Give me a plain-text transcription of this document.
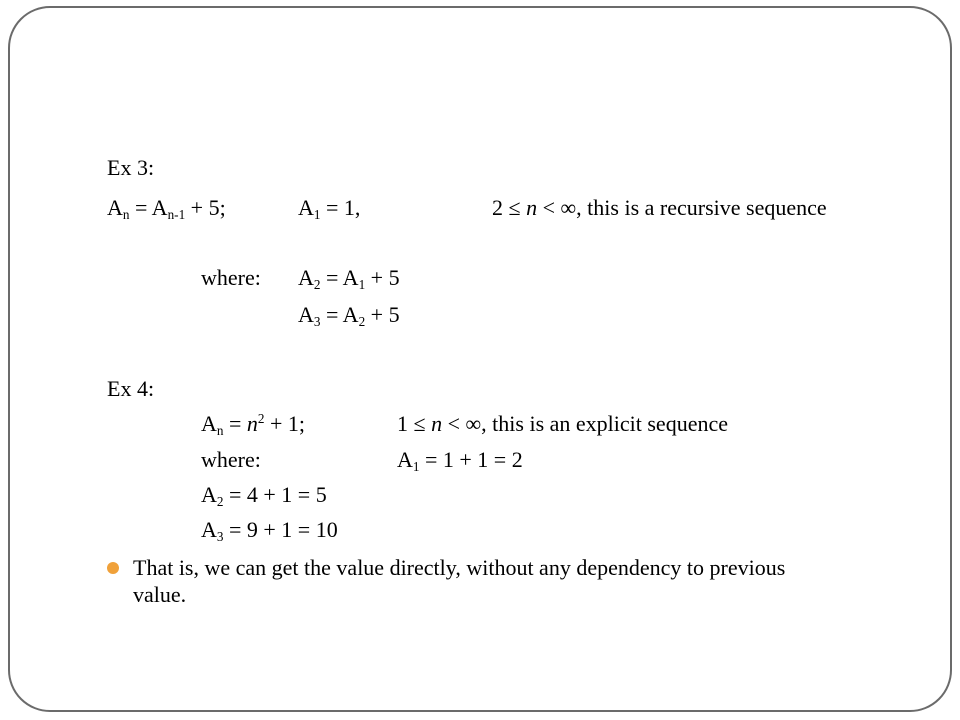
Ex 3:
$A_n = A_{n-1} + 5$;	$A_1 = 1$,	2 ≤ n < ∞, this is a recursive sequence
where: $A_2 = A_1 + 5$
$A_3 = A_2 + 5$
Ex 4:
$A_n = n^2 + 1$;	1 ≤ n < ∞, this is an explicit sequence
where:	$A_1 = 1 + 1 = 2$
$A_2 = 4 + 1 = 5$
$A_3 = 9 + 1 = 10$
That is, we can get the value directly, without any dependency to previous value.
